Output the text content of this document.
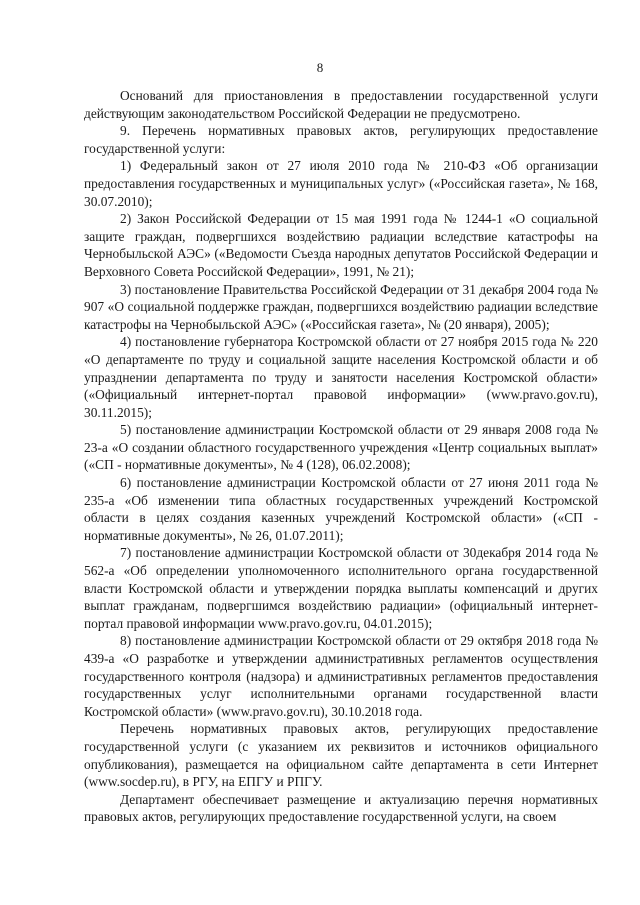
8

Оснований для приостановления в предоставлении государственной услуги действующим законодательством Российской Федерации не предусмотрено.

9. Перечень нормативных правовых актов, регулирующих предоставление государственной услуги:

1) Федеральный закон от 27 июля 2010 года № 210-ФЗ «Об организации предоставления государственных и муниципальных услуг» («Российская газета», № 168, 30.07.2010);

2) Закон Российской Федерации от 15 мая 1991 года № 1244-1 «О социальной защите граждан, подвергшихся воздействию радиации вследствие катастрофы на Чернобыльской АЭС» («Ведомости Съезда народных депутатов Российской Федерации и Верховного Совета Российской Федерации», 1991, № 21);

3) постановление Правительства Российской Федерации от 31 декабря 2004 года № 907 «О социальной поддержке граждан, подвергшихся воздействию радиации вследствие катастрофы на Чернобыльской АЭС» («Российская газета», № (20 января), 2005);

4) постановление губернатора Костромской области от 27 ноября 2015 года № 220 «О департаменте по труду и социальной защите населения Костромской области и об упразднении департамента по труду и занятости населения Костромской области» («Официальный интернет-портал правовой информации» (www.pravo.gov.ru), 30.11.2015);

5) постановление администрации Костромской области от 29 января 2008 года № 23-а «О создании областного государственного учреждения «Центр социальных выплат» («СП - нормативные документы», № 4 (128), 06.02.2008);

6) постановление администрации Костромской области от 27 июня 2011 года № 235-а «Об изменении типа областных государственных учреждений Костромской области в целях создания казенных учреждений Костромской области» («СП - нормативные документы», № 26, 01.07.2011);

7) постановление администрации Костромской области от 30декабря 2014 года № 562-а «Об определении уполномоченного исполнительного органа государственной власти Костромской области и утверждении порядка выплаты компенсаций и других выплат гражданам, подвергшимся воздействию радиации» (официальный интернет-портал правовой информации www.pravo.gov.ru, 04.01.2015);

8) постановление администрации Костромской области от 29 октября 2018 года № 439-а «О разработке и утверждении административных регламентов осуществления государственного контроля (надзора) и административных регламентов предоставления государственных услуг исполнительными органами государственной власти Костромской области» (www.pravo.gov.ru), 30.10.2018 года.

Перечень нормативных правовых актов, регулирующих предоставление государственной услуги (с указанием их реквизитов и источников официального опубликования), размещается на официальном сайте департамента в сети Интернет (www.socdep.ru), в РГУ, на ЕПГУ и РПГУ.

Департамент обеспечивает размещение и актуализацию перечня нормативных правовых актов, регулирующих предоставление государственной услуги, на своем
